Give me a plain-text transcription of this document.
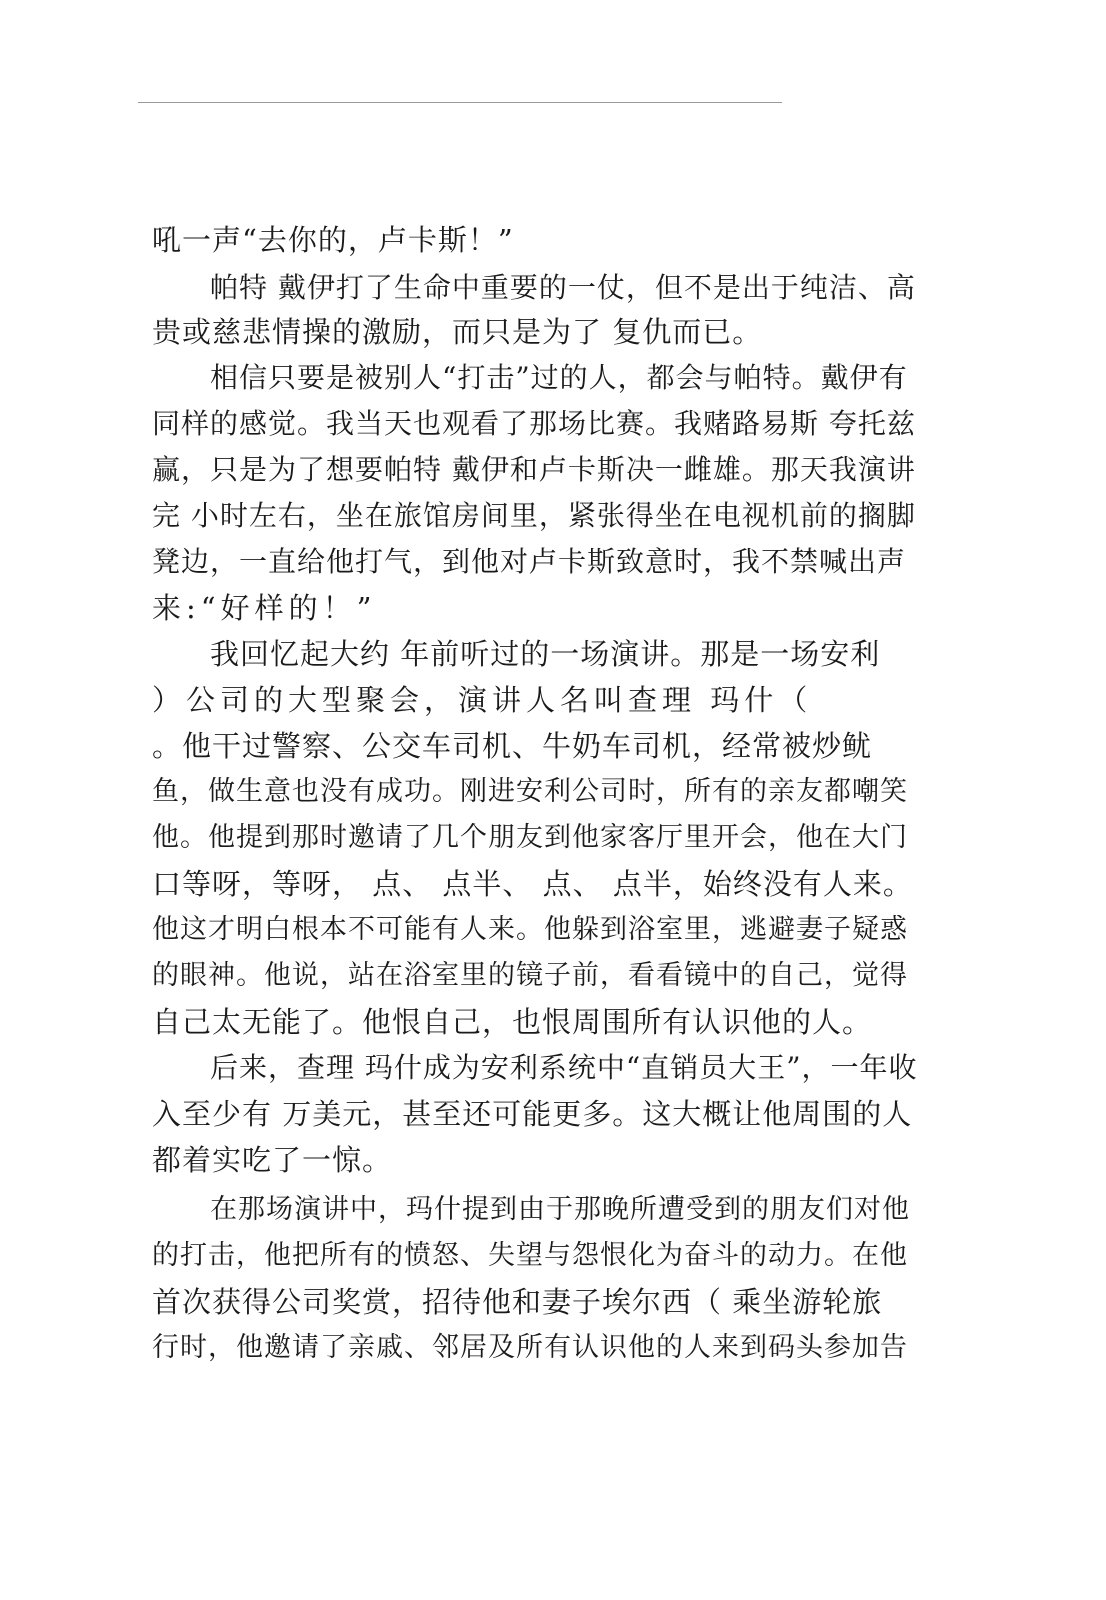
吼一声“去你的，卢卡斯！”
帕特 戴伊打了生命中重要的一仗，但不是出于纯洁、高
贵或慈悲情操的激励，而只是为了 复仇而已。
相信只要是被别人“打击”过的人，都会与帕特。戴伊有
同样的感觉。我当天也观看了那场比赛。我赌路易斯 夸托兹
赢，只是为了想要帕特 戴伊和卢卡斯决一雌雄。那天我演讲
完 小时左右，坐在旅馆房间里，紧张得坐在电视机前的搁脚
凳边，一直给他打气，到他对卢卡斯致意时，我不禁喊出声
来:“好样的！”
我回忆起大约 年前听过的一场演讲。那是一场安利
）公司的大型聚会，演讲人名叫查理 玛什（
。他干过警察、公交车司机、牛奶车司机，经常被炒鱿
鱼，做生意也没有成功。刚进安利公司时，所有的亲友都嘲笑
他。他提到那时邀请了几个朋友到他家客厅里开会，他在大门
口等呀，等呀， 点、 点半、 点、 点半，始终没有人来。
他这才明白根本不可能有人来。他躲到浴室里，逃避妻子疑惑
的眼神。他说，站在浴室里的镜子前，看看镜中的自己，觉得
自己太无能了。他恨自己，也恨周围所有认识他的人。
后来，查理 玛什成为安利系统中“直销员大王”，一年收
入至少有 万美元，甚至还可能更多。这大概让他周围的人
都着实吃了一惊。
在那场演讲中，玛什提到由于那晚所遭受到的朋友们对他
的打击，他把所有的愤怒、失望与怨恨化为奋斗的动力。在他
首次获得公司奖赏，招待他和妻子埃尔西（ 乘坐游轮旅
行时，他邀请了亲戚、邻居及所有认识他的人来到码头参加告
